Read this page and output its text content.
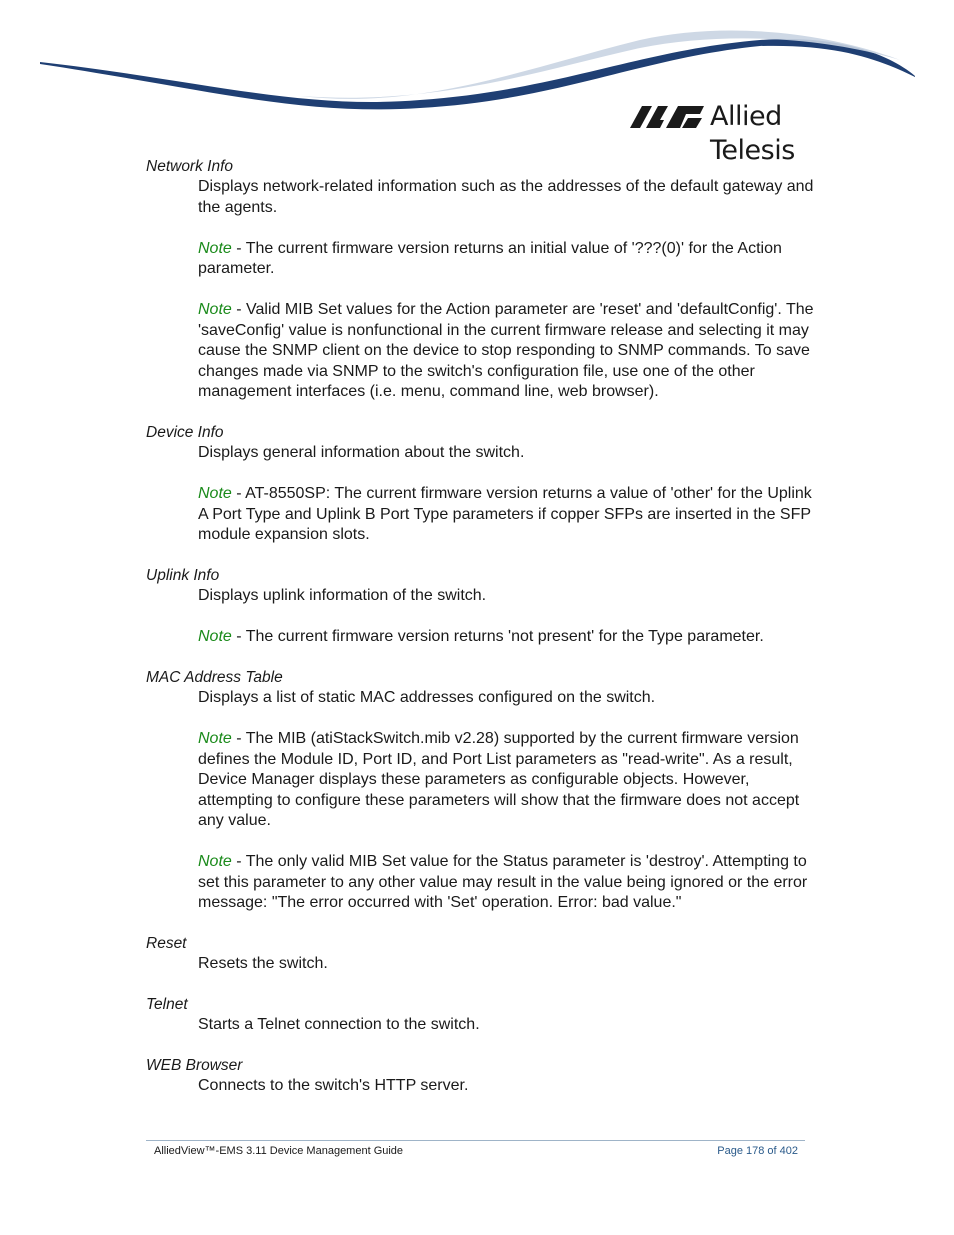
Allied Telesis
Network Info

Displays network-related information such as the addresses of the default gateway and the agents.

Note - The current firmware version returns an initial value of '???(0)' for the Action parameter.

Note - Valid MIB Set values for the Action parameter are 'reset' and 'defaultConfig'. The 'saveConfig' value is nonfunctional in the current firmware release and selecting it may cause the SNMP client on the device to stop responding to SNMP commands. To save changes made via SNMP to the switch's configuration file, use one of the other management interfaces (i.e. menu, command line, web browser).

Device Info

Displays general information about the switch.

Note - AT-8550SP: The current firmware version returns a value of 'other' for the Uplink A Port Type and Uplink B Port Type parameters if copper SFPs are inserted in the SFP module expansion slots.

Uplink Info

Displays uplink information of the switch.

Note - The current firmware version returns 'not present' for the Type parameter.

MAC Address Table

Displays a list of static MAC addresses configured on the switch.

Note - The MIB (atiStackSwitch.mib v2.28) supported by the current firmware version defines the Module ID, Port ID, and Port List parameters as "read-write". As a result, Device Manager displays these parameters as configurable objects. However, attempting to configure these parameters will show that the firmware does not accept any value.

Note - The only valid MIB Set value for the Status parameter is 'destroy'. Attempting to set this parameter to any other value may result in the value being ignored or the error message: "The error occurred with 'Set' operation. Error: bad value."

Reset

Resets the switch.

Telnet

Starts a Telnet connection to the switch.

WEB Browser

Connects to the switch's HTTP server.

AlliedView™-EMS 3.11 Device Management Guide	Page 178 of 402
